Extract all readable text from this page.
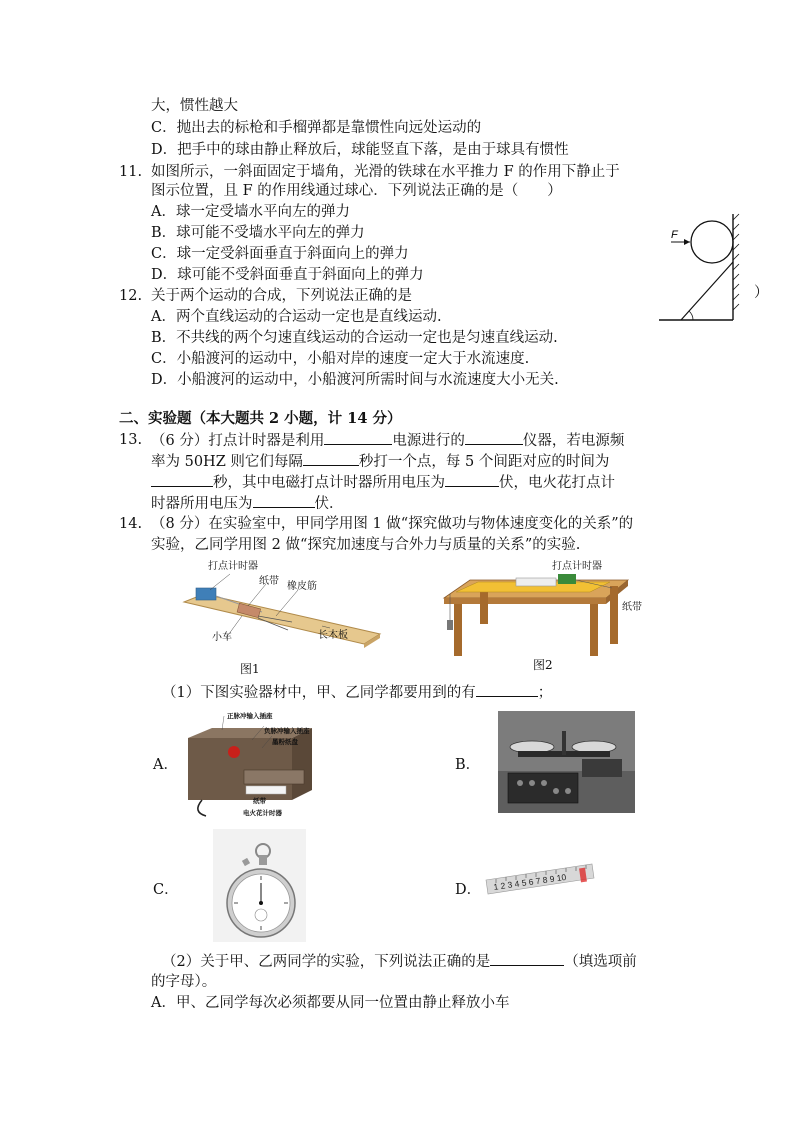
大，惯性越大
C．抛出去的标枪和手榴弹都是靠惯性向远处运动的
D．把手中的球由静止释放后，球能竖直下落，是由于球具有惯性
11. 如图所示，一斜面固定于墙角，光滑的铁球在水平推力 F 的作用下静止于
图示位置，且 F 的作用线通过球心．下列说法正确的是（　　）
A．球一定受墙水平向左的弹力
B．球可能不受墙水平向左的弹力
C．球一定受斜面垂直于斜面向上的弹力
D．球可能不受斜面垂直于斜面向上的弹力
F
）
12. 关于两个运动的合成，下列说法正确的是
A．两个直线运动的合运动一定也是直线运动.
B．不共线的两个匀速直线运动的合运动一定也是匀速直线运动.
C．小船渡河的运动中，小船对岸的速度一定大于水流速度.
D．小船渡河的运动中，小船渡河所需时间与水流速度大小无关.
二、实验题（本大题共 2 小题，计 14 分）
13. （6 分）打点计时器是利用	电源进行的	仪器，若电源频
率为 50HZ 则它们每隔	秒打一个点，每 5 个间距对应的时间为
秒，其中电磁打点计时器所用电压为	伏，电火花打点计
时器所用电压为	伏．
14. （8 分）在实验室中，甲同学用图 1 做“探究做功与物体速度变化的关系”的
实验，乙同学用图 2 做“探究加速度与合外力与质量的关系”的实验.
打点计时器
纸带 橡皮筋
小车	长木板
图1
打点计时器
纸带
图2
（1）下图实验器材中，甲、乙同学都要用到的有	；
A．
正脉冲输入插座
负脉冲输入插座
墨粉纸盘
纸带
电火花计时器
B．
C．	D． 1 2 3 4 5 6 7 8 9 10
（2）关于甲、乙两同学的实验，下列说法正确的是	（填选项前
的字母）。
A．甲、乙同学每次必须都要从同一位置由静止释放小车
